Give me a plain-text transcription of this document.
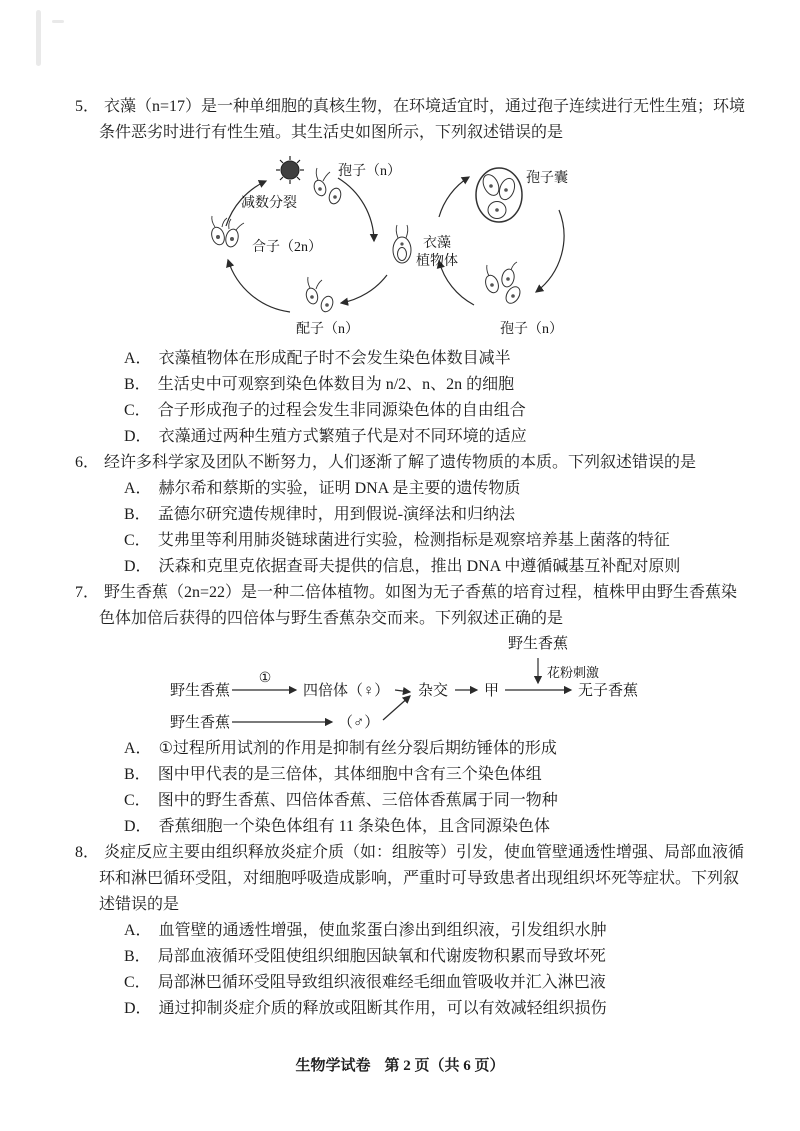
5． 衣藻（n=17）是一种单细胞的真核生物，在环境适宜时，通过孢子连续进行无性生殖；环境条件恶劣时进行有性生殖。其生活史如图所示，下列叙述错误的是

孢子（n）	孢子囊
减数分裂
合子（2n）	衣藻
植物体
配子（n）	孢子（n）

A． 衣藻植物体在形成配子时不会发生染色体数目减半

B． 生活史中可观察到染色体数目为 n/2、n、2n 的细胞

C． 合子形成孢子的过程会发生非同源染色体的自由组合

D． 衣藻通过两种生殖方式繁殖子代是对不同环境的适应

6． 经许多科学家及团队不断努力，人们逐渐了解了遗传物质的本质。下列叙述错误的是

A． 赫尔希和蔡斯的实验，证明 DNA 是主要的遗传物质

B． 孟德尔研究遗传规律时，用到假说-演绎法和归纳法

C． 艾弗里等利用肺炎链球菌进行实验，检测指标是观察培养基上菌落的特征

D． 沃森和克里克依据查哥夫提供的信息，推出 DNA 中遵循碱基互补配对原则

7． 野生香蕉（2n=22）是一种二倍体植物。如图为无子香蕉的培育过程，植株甲由野生香蕉染色体加倍后获得的四倍体与野生香蕉杂交而来。下列叙述正确的是

野生香蕉
①
四倍体（♀）
野生香蕉	（♂）
杂交 甲	无子香蕉
野生香蕉
花粉刺激

A． ①过程所用试剂的作用是抑制有丝分裂后期纺锤体的形成

B． 图中甲代表的是三倍体，其体细胞中含有三个染色体组

C． 图中的野生香蕉、四倍体香蕉、三倍体香蕉属于同一物种

D． 香蕉细胞一个染色体组有 11 条染色体，且含同源染色体

8． 炎症反应主要由组织释放炎症介质（如：组胺等）引发，使血管壁通透性增强、局部血液循环和淋巴循环受阻，对细胞呼吸造成影响，严重时可导致患者出现组织坏死等症状。下列叙述错误的是

A． 血管壁的通透性增强，使血浆蛋白渗出到组织液，引发组织水肿

B． 局部血液循环受阻使组织细胞因缺氧和代谢废物积累而导致坏死

C． 局部淋巴循环受阻导致组织液很难经毛细血管吸收并汇入淋巴液

D． 通过抑制炎症介质的释放或阻断其作用，可以有效减轻组织损伤

生物学试卷 第 2 页（共 6 页）
